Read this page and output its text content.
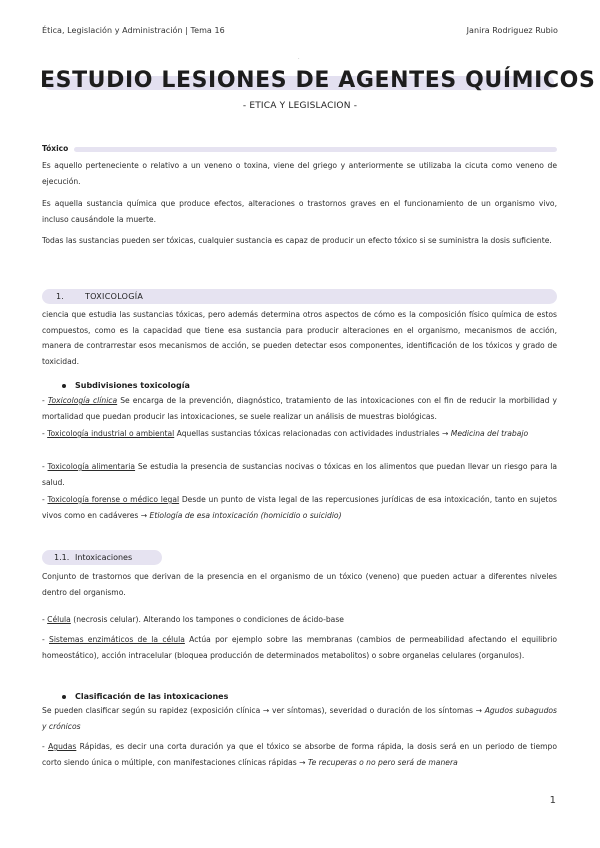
Ética, Legislación y Administración | Tema 16	Janira Rodriguez Rubio
.
ESTUDIO LESIONES DE AGENTES QUÍMICOS
- ETICA Y LEGISLACION -
Tóxico
Es aquello perteneciente o relativo a un veneno o toxina, viene del griego y anteriormente se utilizaba la cicuta como veneno de ejecución.
Es aquella sustancia química que produce efectos, alteraciones o trastornos graves en el funcionamiento de un organismo vivo, incluso causándole la muerte.
Todas las sustancias pueden ser tóxicas, cualquier sustancia es capaz de producir un efecto tóxico si se suministra la dosis suficiente.
1.	TOXICOLOGÍA
ciencia que estudia las sustancias tóxicas, pero además determina otros aspectos de cómo es la composición físico química de estos compuestos, como es la capacidad que tiene esa sustancia para producir alteraciones en el organismo, mecanismos de acción, manera de contrarrestar esos mecanismos de acción, se pueden detectar esos componentes, identificación de los tóxicos y grado de toxicidad.
Subdivisiones toxicología
- Toxicología clínica Se encarga de la prevención, diagnóstico, tratamiento de las intoxicaciones con el fin de reducir la morbilidad y mortalidad que puedan producir las intoxicaciones, se suele realizar un análisis de muestras biológicas.
- Toxicología industrial o ambiental Aquellas sustancias tóxicas relacionadas con actividades industriales → Medicina del trabajo
- Toxicología alimentaria Se estudia la presencia de sustancias nocivas o tóxicas en los alimentos que puedan llevar un riesgo para la salud.
- Toxicología forense o médico legal Desde un punto de vista legal de las repercusiones jurídicas de esa intoxicación, tanto en sujetos vivos como en cadáveres → Etiología de esa intoxicación (homicidio o suicidio)
1.1. Intoxicaciones
Conjunto de trastornos que derivan de la presencia en el organismo de un tóxico (veneno) que pueden actuar a diferentes niveles dentro del organismo.
- Célula (necrosis celular). Alterando los tampones o condiciones de ácido-base
- Sistemas enzimáticos de la célula Actúa por ejemplo sobre las membranas (cambios de permeabilidad afectando el equilibrio homeostático), acción intracelular (bloquea producción de determinados metabolitos) o sobre organelas celulares (organulos).
Clasificación de las intoxicaciones
Se pueden clasificar según su rapidez (exposición clínica → ver síntomas), severidad o duración de los síntomas → Agudos subagudos y crónicos
- Agudas Rápidas, es decir una corta duración ya que el tóxico se absorbe de forma rápida, la dosis será en un periodo de tiempo corto siendo única o múltiple, con manifestaciones clínicas rápidas → Te recuperas o no pero será de manera
1
